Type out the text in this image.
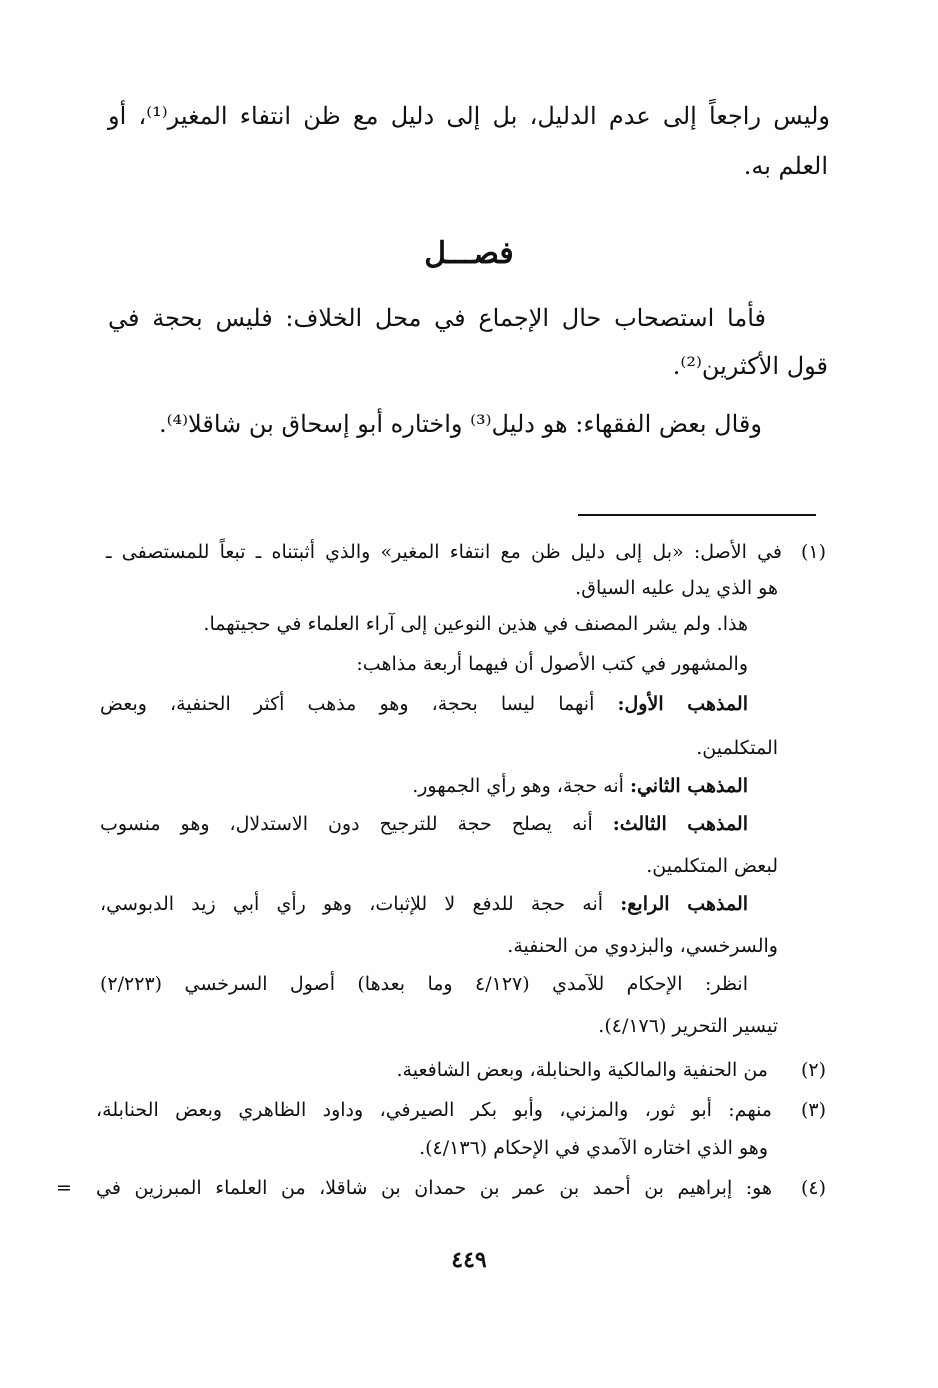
وليس راجعاً إلى عدم الدليل، بل إلى دليل مع ظن انتفاء المغير⁽¹⁾، أو
العلم به.
فصـــل
فأما استصحاب حال الإجماع في محل الخلاف: فليس بحجة في
قول الأكثرين⁽²⁾.
وقال بعض الفقهاء: هو دليل⁽³⁾ واختاره أبو إسحاق بن شاقلا⁽⁴⁾.
(١)
في الأصل: «بل إلى دليل ظن مع انتفاء المغير» والذي أثبتناه ـ تبعاً للمستصفى ـ
هو الذي يدل عليه السياق.
هذا. ولم يشر المصنف في هذين النوعين إلى آراء العلماء في حجيتهما.
والمشهور في كتب الأصول أن فيهما أربعة مذاهب:
المذهب الأول: أنهما ليسا بحجة، وهو مذهب أكثر الحنفية، وبعض
المتكلمين.
المذهب الثاني: أنه حجة، وهو رأي الجمهور.
المذهب الثالث: أنه يصلح حجة للترجيح دون الاستدلال، وهو منسوب
لبعض المتكلمين.
المذهب الرابع: أنه حجة للدفع لا للإثبات، وهو رأي أبي زيد الدبوسي،
والسرخسي، والبزدوي من الحنفية.
انظر: الإحكام للآمدي (٤/١٢٧ وما بعدها) أصول السرخسي (٢/٢٢٣)
تيسير التحرير (٤/١٧٦).
(٢)
من الحنفية والمالكية والحنابلة، وبعض الشافعية.
(٣)
منهم: أبو ثور، والمزني، وأبو بكر الصيرفي، وداود الظاهري وبعض الحنابلة،
وهو الذي اختاره الآمدي في الإحكام (٤/١٣٦).
(٤)
هو: إبراهيم بن أحمد بن عمر بن حمدان بن شاقلا، من العلماء المبرزين في
=
٤٤٩
